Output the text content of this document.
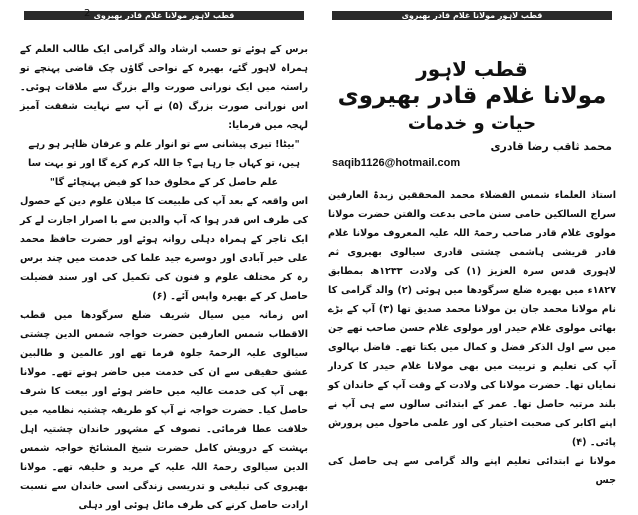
قطب لاہور مولانا غلام قادر بھیروی
2

برس کے ہوئے تو حسب ارشاد والد گرامی ایک طالب العلم کے ہمراہ لاہور گئے، بھیرہ کے نواحی گاؤں چک قاضی پہنچے تو راستہ میں ایک نورانی صورت والے بزرگ سے ملاقات ہوئی۔ اس نورانی صورت بزرگ (۵) نے آپ سے نہایت شفقت آمیز لہجہ میں فرمایا:

"بیٹا! تیری پیشانی سے تو انوار علم و عرفان ظاہر ہو رہے ہیں، تو کہاں جا رہا ہے؟ جا اللہ کرم کرے گا اور تو بہت سا علم حاصل کر کے مخلوق خدا کو فیض پہنچائے گا"

اس واقعہ کے بعد آپ کی طبیعت کا میلان علوم دین کے حصول کی طرف اس قدر ہوا کہ آپ والدین سے با اصرار اجازت لے کر ایک تاجر کے ہمراہ دہلی روانہ ہوئے اور حضرت حافظ محمد علی خیر آبادی اور دوسرے جید علما کی خدمت میں چند برس رہ کر مختلف علوم و فنون کی تکمیل کی اور سند فضیلت حاصل کر کے بھیرہ واپس آئے۔ (۶)

اس زمانہ میں سیال شریف ضلع سرگودھا میں قطب الاقطاب شمس العارفین حضرت خواجہ شمس الدین چشتی سیالوی علیہ الرحمۃ جلوہ فرما تھے اور عالمین و طالبین عشق حقیقی سے ان کی خدمت میں حاضر ہوتے تھے۔ مولانا بھی آپ کی خدمت عالیہ میں حاضر ہوئے اور بیعت کا شرف حاصل کیا۔ حضرت خواجہ نے آپ کو طریقہ چشتیہ نظامیہ میں خلافت عطا فرمائی۔ تصوف کے مشہور خاندان چشتیہ اہل بہشت کے درویش کامل حضرت شیخ المشائخ خواجہ شمس الدین سیالوی رحمۃ اللہ علیہ کے مرید و خلیفہ تھے۔ مولانا بھیروی کی تبلیغی و تدریسی زندگی اسی خاندان سے نسبت ارادت حاصل کرنے کی طرف مائل ہوئی اور دہلی

قطب لاہور مولانا غلام قادر بھیروی
قطب لاہور
مولانا غلام قادر بھیروی
حیات و خدمات
محمد ثاقب رضا قادری
saqib1126@hotmail.com

استاذ العلماء شمس الفضلاء محمد المحققین زبدۃ العارفین سراج السالکین حامی سنن ماحی بدعت والفتن حضرت مولانا مولوی غلام قادر صاحب رحمۃ اللہ علیہ المعروف مولانا غلام قادر قریشی ہاشمی چشتی قادری سیالوی بھیروی ثم لاہوری قدس سرہ العزیز (۱) کی ولادت ۱۲۳۳ھ بمطابق ۱۸۲۷ء میں بھیرہ ضلع سرگودھا میں ہوئی (۲) والد گرامی کا نام مولانا محمد جان بن مولانا محمد صدیق تھا (۳) آپ کے بڑے بھائی مولوی غلام حیدر اور مولوی غلام حسن صاحب تھے جن میں سے اول الذکر فضل و کمال میں یکتا تھے۔ فاضل بہالوی آپ کی تعلیم و تربیت میں بھی مولانا غلام حیدر کا کردار نمایاں تھا۔ حضرت مولانا کی ولادت کے وقت آپ کے خاندان کو بلند مرتبہ حاصل تھا۔ عمر کے ابتدائی سالوں سے ہی آپ نے اپنے اکابر کی صحبت اختیار کی اور علمی ماحول میں پرورش پائی۔ (۴)

مولانا نے ابتدائی تعلیم اپنے والد گرامی سے ہی حاصل کی جس
